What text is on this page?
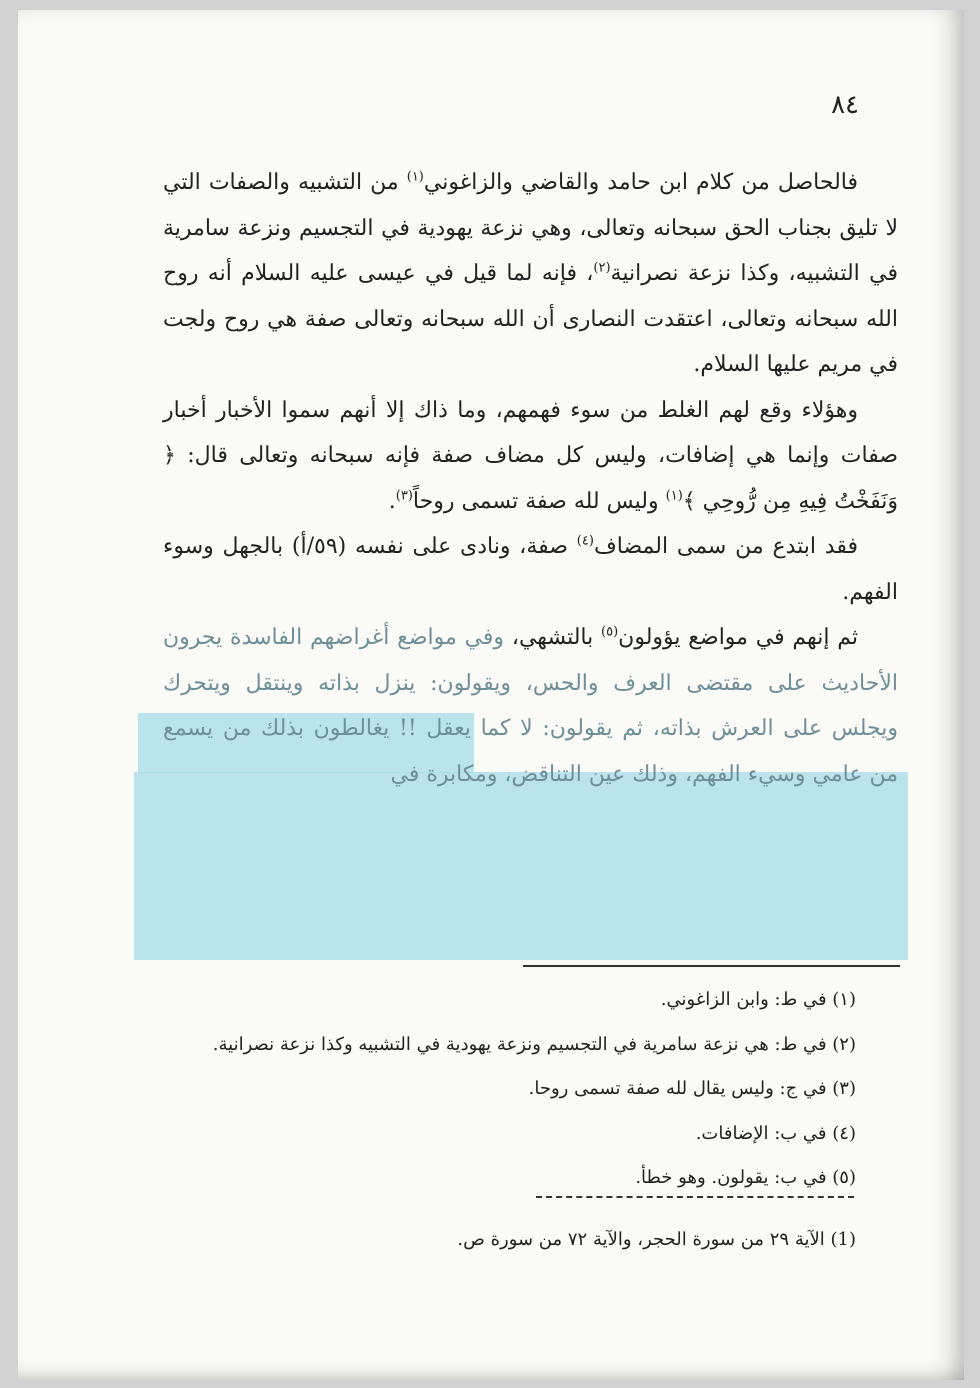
٨٤

فالحاصل من كلام ابن حامد والقاضي والزاغوني$^{(١)}$ من التشبيه والصفات التي لا تليق بجناب الحق سبحانه وتعالى، وهي نزعة يهودية في التجسيم ونزعة سامرية في التشبيه، وكذا نزعة نصرانية$^{(٢)}$، فإنه لما قيل في عيسى عليه السلام أنه روح الله سبحانه وتعالى، اعتقدت النصارى أن الله سبحانه وتعالى صفة هي روح ولجت في مريم عليها السلام.

وهؤلاء وقع لهم الغلط من سوء فهمهم، وما ذاك إلا أنهم سموا الأخبار أخبار صفات وإنما هي إضافات، وليس كل مضاف صفة فإنه سبحانه وتعالى قال: ﴿ وَنَفَخْتُ فِيهِ مِن رُّوحِي ﴾$^{(١)}$ وليس لله صفة تسمى روحاً$^{(٣)}$.

فقد ابتدع من سمى المضاف$^{(٤)}$ صفة، ونادى على نفسه (٥٩/أ) بالجهل وسوء الفهم.

ثم إنهم في مواضع يؤولون$^{(٥)}$ بالتشهي، وفي مواضع أغراضهم الفاسدة يجرون الأحاديث على مقتضى العرف والحس، ويقولون: ينزل بذاته وينتقل ويتحرك ويجلس على العرش بذاته، ثم يقولون: لا كما يعقل !! يغالطون بذلك من يسمع من عامي وسيء الفهم، وذلك عين التناقض، ومكابرة في

(١) في ط: وابن الزاغوني.
(٢) في ط: هي نزعة سامرية في التجسيم ونزعة يهودية في التشبيه وكذا نزعة نصرانية.
(٣) في ج: وليس يقال لله صفة تسمى روحا.
(٤) في ب: الإضافات.
(٥) في ب: يقولون. وهو خطأ.
(1) الآية ٢٩ من سورة الحجر، والآية ٧٢ من سورة ص.
